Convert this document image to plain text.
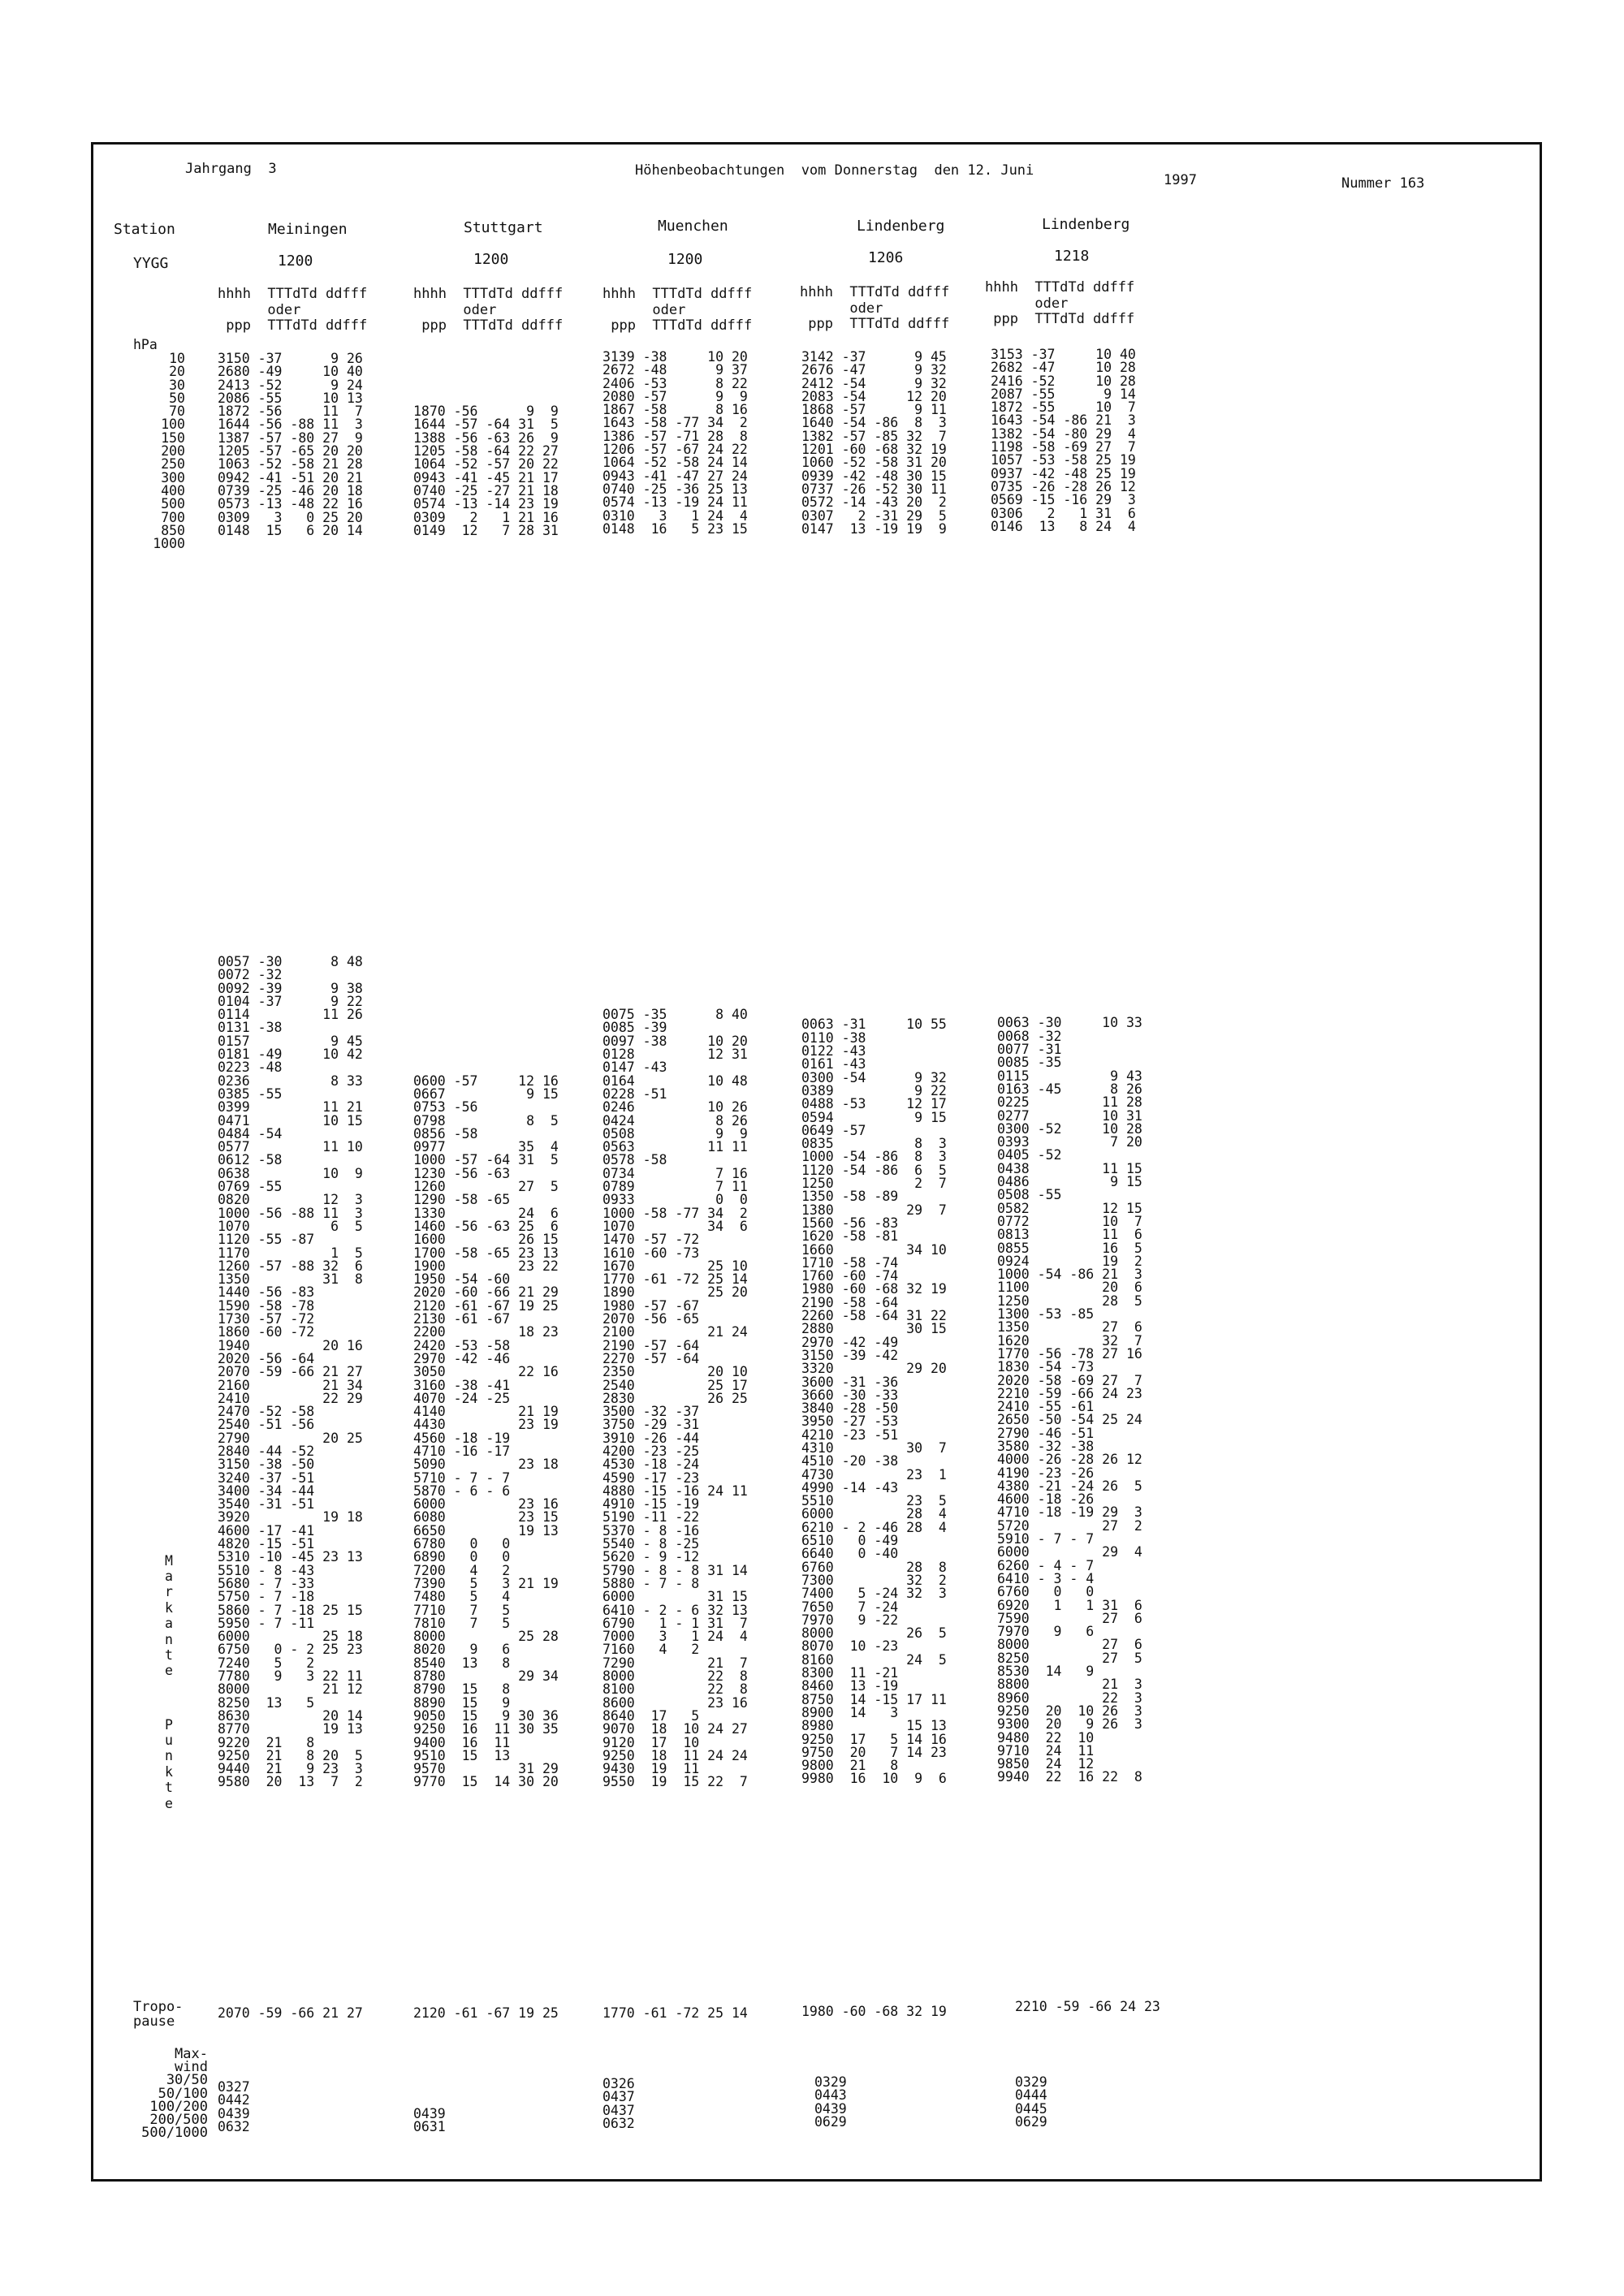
Jahrgang  3	Höhenbeobachtungen  vom Donnerstag  den 12. Juni
1997	Nummer 163
Station
YYGG
hPa
10
20
30
50
70
100
150
200
250
300
400
500
700
850
1000
M
a
r
k
a
n
t
e
P
u
n
k
t
e
Tropo-
pause
Max-
wind
30/50
50/100
100/200
200/500
500/1000
Meiningen
1200
hhhh  TTTdTd ddfff
oder
ppp  TTTdTd ddfff
3150 -37      9 26
2680 -49     10 40
2413 -52      9 24
2086 -55     10 13
1872 -56     11  7
1644 -56 -88 11  3
1387 -57 -80 27  9
1205 -57 -65 20 20
1063 -52 -58 21 28
0942 -41 -51 20 21
0739 -25 -46 20 18
0573 -13 -48 22 16
0309   3   0 25 20
0148  15   6 20 14
0057 -30      8 48
0072 -32
0092 -39      9 38
0104 -37      9 22
0114         11 26
0131 -38
0157          9 45
0181 -49     10 42
0223 -48
0236          8 33
0385 -55
0399         11 21
0471         10 15
0484 -54
0577         11 10
0612 -58
0638         10  9
0769 -55
0820         12  3
1000 -56 -88 11  3
1070          6  5
1120 -55 -87
1170          1  5
1260 -57 -88 32  6
1350         31  8
1440 -56 -83
1590 -58 -78
1730 -57 -72
1860 -60 -72
1940         20 16
2020 -56 -64
2070 -59 -66 21 27
2160         21 34
2410         22 29
2470 -52 -58
2540 -51 -56
2790         20 25
2840 -44 -52
3150 -38 -50
3240 -37 -51
3400 -34 -44
3540 -31 -51
3920         19 18
4600 -17 -41
4820 -15 -51
5310 -10 -45 23 13
5510 - 8 -43
5680 - 7 -33
5750 - 7 -18
5860 - 7 -18 25 15
5950 - 7 -11
6000         25 18
6750   0 - 2 25 23
7240   5   2
7780   9   3 22 11
8000         21 12
8250  13   5
8630         20 14
8770         19 13
9220  21   8
9250  21   8 20  5
9440  21   9 23  3
9580  20  13  7  2
2070 -59 -66 21 27
0327
0442
0439
0632

Stuttgart
1200
hhhh  TTTdTd ddfff
oder
ppp  TTTdTd ddfff

1870 -56      9  9
1644 -57 -64 31  5
1388 -56 -63 26  9
1205 -58 -64 22 27
1064 -52 -57 20 22
0943 -41 -45 21 17
0740 -25 -27 21 18
0574 -13 -14 23 19
0309   2   1 21 16
0149  12   7 28 31

0600 -57     12 16
0667          9 15
0753 -56
0798          8  5
0856 -58
0977         35  4
1000 -57 -64 31  5
1230 -56 -63
1260         27  5
1290 -58 -65
1330         24  6
1460 -56 -63 25  6
1600         26 15
1700 -58 -65 23 13
1900         23 22
1950 -54 -60
2020 -60 -66 21 29
2120 -61 -67 19 25
2130 -61 -67
2200         18 23
2420 -53 -58
2970 -42 -46
3050         22 16
3160 -38 -41
4070 -24 -25
4140         21 19
4430         23 19
4560 -18 -19
4710 -16 -17
5090         23 18
5710 - 7 - 7
5870 - 6 - 6
6000         23 16
6080         23 15
6650         19 13
6780   0   0
6890   0   0
7200   4   2
7390   5   3 21 19
7480   5   4
7710   7   5
7810   7   5
8000         25 28
8020   9   6
8540  13   8
8780         29 34
8790  15   8
8890  15   9
9050  15   9 30 36
9250  16  11 30 35
9400  16  11
9510  15  13
9570         31 29
9770  15  14 30 20
2120 -61 -67 19 25

0439
0631

Muenchen
1200
hhhh  TTTdTd ddfff
oder
ppp  TTTdTd ddfff
3139 -38     10 20
2672 -48      9 37
2406 -53      8 22
2080 -57      9  9
1867 -58      8 16
1643 -58 -77 34  2
1386 -57 -71 28  8
1206 -57 -67 24 22
1064 -52 -58 24 14
0943 -41 -47 27 24
0740 -25 -36 25 13
0574 -13 -19 24 11
0310   3   1 24  4
0148  16   5 23 15

0075 -35      8 40
0085 -39
0097 -38     10 20
0128         12 31
0147 -43
0164         10 48
0228 -51
0246         10 26
0424          8 26
0508          9  9
0563         11 11
0578 -58
0734          7 16
0789          7 11
0933          0  0
1000 -58 -77 34  2
1070         34  6
1470 -57 -72
1610 -60 -73
1670         25 10
1770 -61 -72 25 14
1890         25 20
1980 -57 -67
2070 -56 -65
2100         21 24
2190 -57 -64
2270 -57 -64
2350         20 10
2540         25 17
2830         26 25
3500 -32 -37
3750 -29 -31
3910 -26 -44
4200 -23 -25
4530 -18 -24
4590 -17 -23
4880 -15 -16 24 11
4910 -15 -19
5190 -11 -22
5370 - 8 -16
5540 - 8 -25
5620 - 9 -12
5790 - 8 - 8 31 14
5880 - 7 - 8
6000         31 15
6410 - 2 - 6 32 13
6790   1 - 1 31  7
7000   3   1 24  4
7160   4   2
7290         21  7
8000         22  8
8100         22  8
8600         23 16
8640  17   5
9070  18  10 24 27
9120  17  10
9250  18  11 24 24
9430  19  11
9550  19  15 22  7
1770 -61 -72 25 14
0326
0437
0437
0632

Lindenberg
1206
hhhh  TTTdTd ddfff
oder
ppp  TTTdTd ddfff
3142 -37      9 45
2676 -47      9 32
2412 -54      9 32
2083 -54     12 20
1868 -57      9 11
1640 -54 -86  8  3
1382 -57 -85 32  7
1201 -60 -68 32 19
1060 -52 -58 31 20
0939 -42 -48 30 15
0737 -26 -52 30 11
0572 -14 -43 20  2
0307   2 -31 29  5
0147  13 -19 19  9

0063 -31     10 55
0110 -38
0122 -43
0161 -43
0300 -54      9 32
0389          9 22
0488 -53     12 17
0594          9 15
0649 -57
0835          8  3
1000 -54 -86  8  3
1120 -54 -86  6  5
1250          2  7
1350 -58 -89
1380         29  7
1560 -56 -83
1620 -58 -81
1660         34 10
1710 -58 -74
1760 -60 -74
1980 -60 -68 32 19
2190 -58 -64
2260 -58 -64 31 22
2880         30 15
2970 -42 -49
3150 -39 -42
3320         29 20
3600 -31 -36
3660 -30 -33
3840 -28 -50
3950 -27 -53
4210 -23 -51
4310         30  7
4510 -20 -38
4730         23  1
4990 -14 -43
5510         23  5
6000         28  4
6210 - 2 -46 28  4
6510   0 -49
6640   0 -40
6760         28  8
7300         32  2
7400   5 -24 32  3
7650   7 -24
7970   9 -22
8000         26  5
8070  10 -23
8160         24  5
8300  11 -21
8460  13 -19
8750  14 -15 17 11
8900  14   3
8980         15 13
9250  17   5 14 16
9750  20   7 14 23
9800  21   8
9980  16  10  9  6
1980 -60 -68 32 19
0329
0443
0439
0629

Lindenberg
1218
hhhh  TTTdTd ddfff
oder
ppp  TTTdTd ddfff
3153 -37     10 40
2682 -47     10 28
2416 -52     10 28
2087 -55      9 14
1872 -55     10  7
1643 -54 -86 21  3
1382 -54 -80 29  4
1198 -58 -69 27  7
1057 -53 -58 25 19
0937 -42 -48 25 19
0735 -26 -28 26 12
0569 -15 -16 29  3
0306   2   1 31  6
0146  13   8 24  4

0063 -30     10 33
0068 -32
0077 -31
0085 -35
0115          9 43
0163 -45      8 26
0225         11 28
0277         10 31
0300 -52     10 28
0393          7 20
0405 -52
0438         11 15
0486          9 15
0508 -55
0582         12 15
0772         10  7
0813         11  6
0855         16  5
0924         19  2
1000 -54 -86 21  3
1100         20  6
1250         28  5
1300 -53 -85
1350         27  6
1620         32  7
1770 -56 -78 27 16
1830 -54 -73
2020 -58 -69 27  7
2210 -59 -66 24 23
2410 -55 -61
2650 -50 -54 25 24
2790 -46 -51
3580 -32 -38
4000 -26 -28 26 12
4190 -23 -26
4380 -21 -24 26  5
4600 -18 -26
4710 -18 -19 29  3
5720         27  2
5910 - 7 - 7
6000         29  4
6260 - 4 - 7
6410 - 3 - 4
6760   0   0
6920   1   1 31  6
7590         27  6
7970   9   6
8000         27  6
8250         27  5
8530  14   9
8800         21  3
8960         22  3
9250  20  10 26  3
9300  20   9 26  3
9480  22  10
9710  24  11
9850  24  12
9940  22  16 22  8
2210 -59 -66 24 23
0329
0444
0445
0629
